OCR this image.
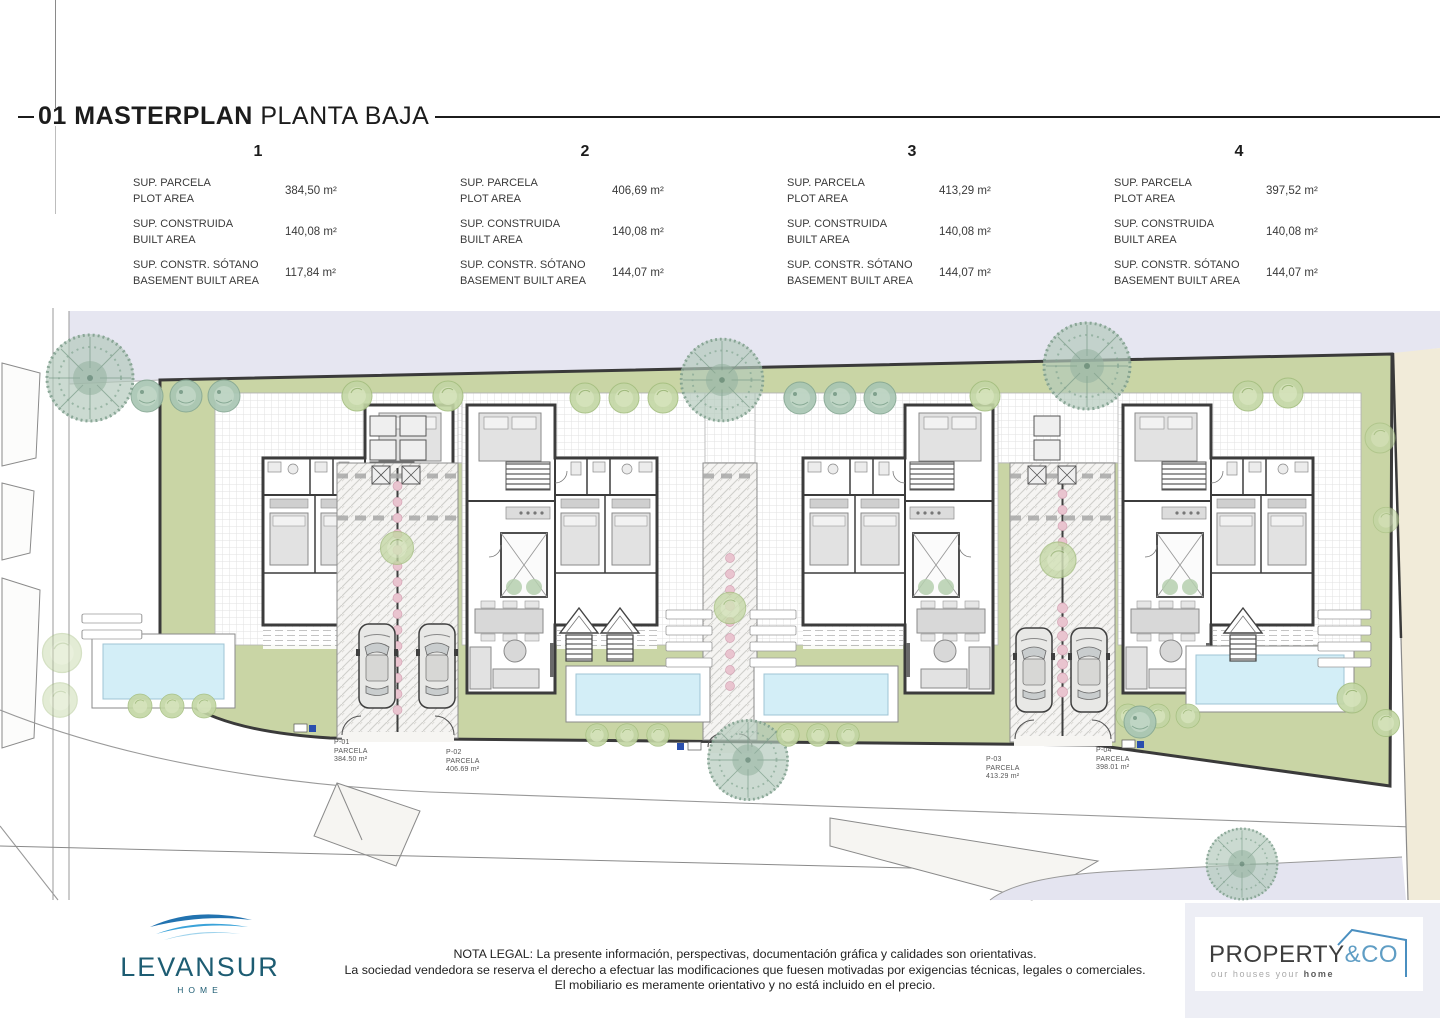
01 MASTERPLAN PLANTA BAJA
1
SUP. PARCELA
PLOT AREA
384,50 m²
SUP. CONSTRUIDA
BUILT AREA
140,08 m²
SUP. CONSTR. SÓTANO
BASEMENT BUILT AREA
117,84 m²
2
SUP. PARCELA
PLOT AREA
406,69 m²
SUP. CONSTRUIDA
BUILT AREA
140,08 m²
SUP. CONSTR. SÓTANO
BASEMENT BUILT AREA
144,07 m²
3
SUP. PARCELA
PLOT AREA
413,29 m²
SUP. CONSTRUIDA
BUILT AREA
140,08 m²
SUP. CONSTR. SÓTANO
BASEMENT BUILT AREA
144,07 m²
4
SUP. PARCELA
PLOT AREA
397,52 m²
SUP. CONSTRUIDA
BUILT AREA
140,08 m²
SUP. CONSTR. SÓTANO
BASEMENT BUILT AREA
144,07 m²
P-01
PARCELA
384.50 m²
P-02
PARCELA
406.69 m²
P-03
PARCELA
413.29 m²
P-04
PARCELA
398.01 m²
LEVANSUR
HOME
NOTA LEGAL: La presente información, perspectivas, documentación gráfica y calidades son orientativas.
La sociedad vendedora se reserva el derecho a efectuar las modificaciones que fuesen motivadas por exigencias técnicas, legales o comerciales.
El mobiliario es meramente orientativo y no está incluido en el precio.
PROPERTY&CO
our houses your home
